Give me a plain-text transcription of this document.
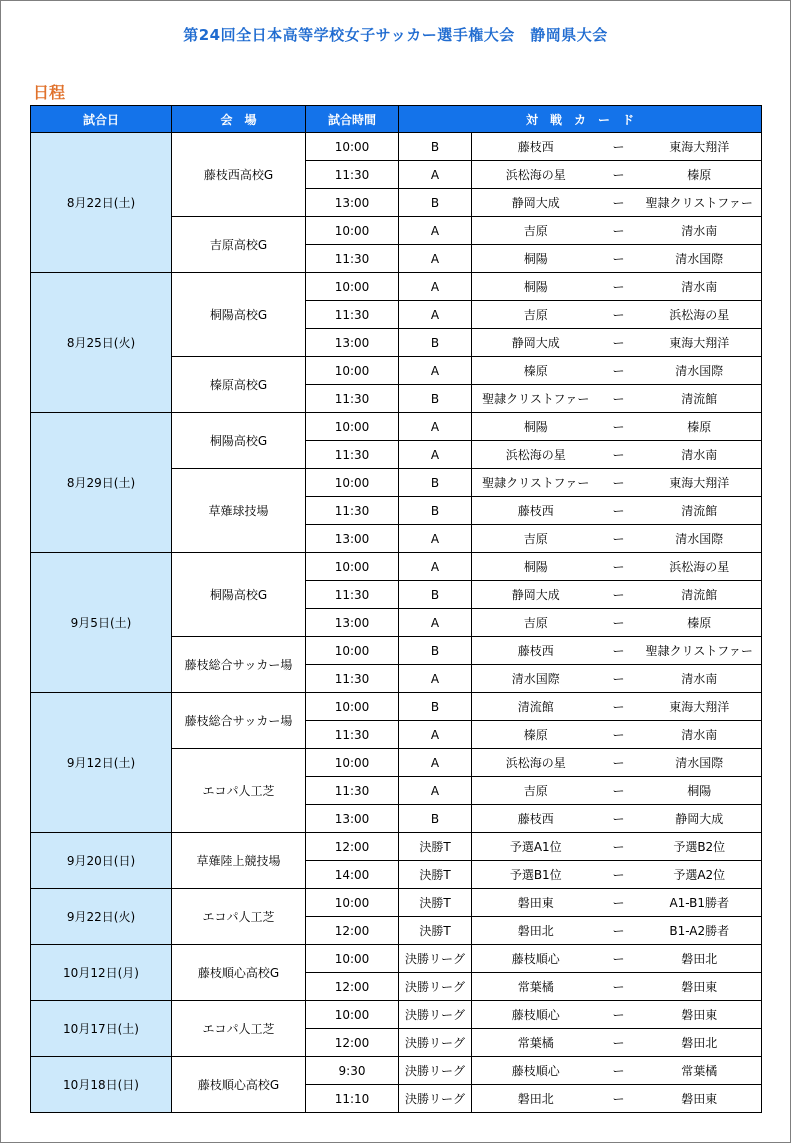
第24回全日本高等学校女子サッカー選手権大会　静岡県大会
日程
試合日	会　場	試合時間	対　戦　カ　ー　ド			
8月22日(土)	藤枝西高校G	10:00	B	藤枝西	ー	東海大翔洋
		11:30	A	浜松海の星	ー	榛原
		13:00	B	静岡大成	ー	聖隷クリストファー
	吉原高校G	10:00	A	吉原	ー	清水南
		11:30	A	桐陽	ー	清水国際
8月25日(火)	桐陽高校G	10:00	A	桐陽	ー	清水南
		11:30	A	吉原	ー	浜松海の星
		13:00	B	静岡大成	ー	東海大翔洋
	榛原高校G	10:00	A	榛原	ー	清水国際
		11:30	B	聖隷クリストファー	ー	清流館
8月29日(土)	桐陽高校G	10:00	A	桐陽	ー	榛原
		11:30	A	浜松海の星	ー	清水南
	草薙球技場	10:00	B	聖隷クリストファー	ー	東海大翔洋
		11:30	B	藤枝西	ー	清流館
		13:00	A	吉原	ー	清水国際
9月5日(土)	桐陽高校G	10:00	A	桐陽	ー	浜松海の星
		11:30	B	静岡大成	ー	清流館
		13:00	A	吉原	ー	榛原
	藤枝総合サッカー場	10:00	B	藤枝西	ー	聖隷クリストファー
		11:30	A	清水国際	ー	清水南
9月12日(土)	藤枝総合サッカー場	10:00	B	清流館	ー	東海大翔洋
		11:30	A	榛原	ー	清水南
	エコパ人工芝	10:00	A	浜松海の星	ー	清水国際
		11:30	A	吉原	ー	桐陽
		13:00	B	藤枝西	ー	静岡大成
9月20日(日)	草薙陸上競技場	12:00	決勝T	予選A1位	ー	予選B2位
		14:00	決勝T	予選B1位	ー	予選A2位
9月22日(火)	エコパ人工芝	10:00	決勝T	磐田東	ー	A1-B1勝者
		12:00	決勝T	磐田北	ー	B1-A2勝者
10月12日(月)	藤枝順心高校G	10:00	決勝リーグ	藤枝順心	ー	磐田北
		12:00	決勝リーグ	常葉橘	ー	磐田東
10月17日(土)	エコパ人工芝	10:00	決勝リーグ	藤枝順心	ー	磐田東
		12:00	決勝リーグ	常葉橘	ー	磐田北
10月18日(日)	藤枝順心高校G	9:30	決勝リーグ	藤枝順心	ー	常葉橘
		11:10	決勝リーグ	磐田北	ー	磐田東
